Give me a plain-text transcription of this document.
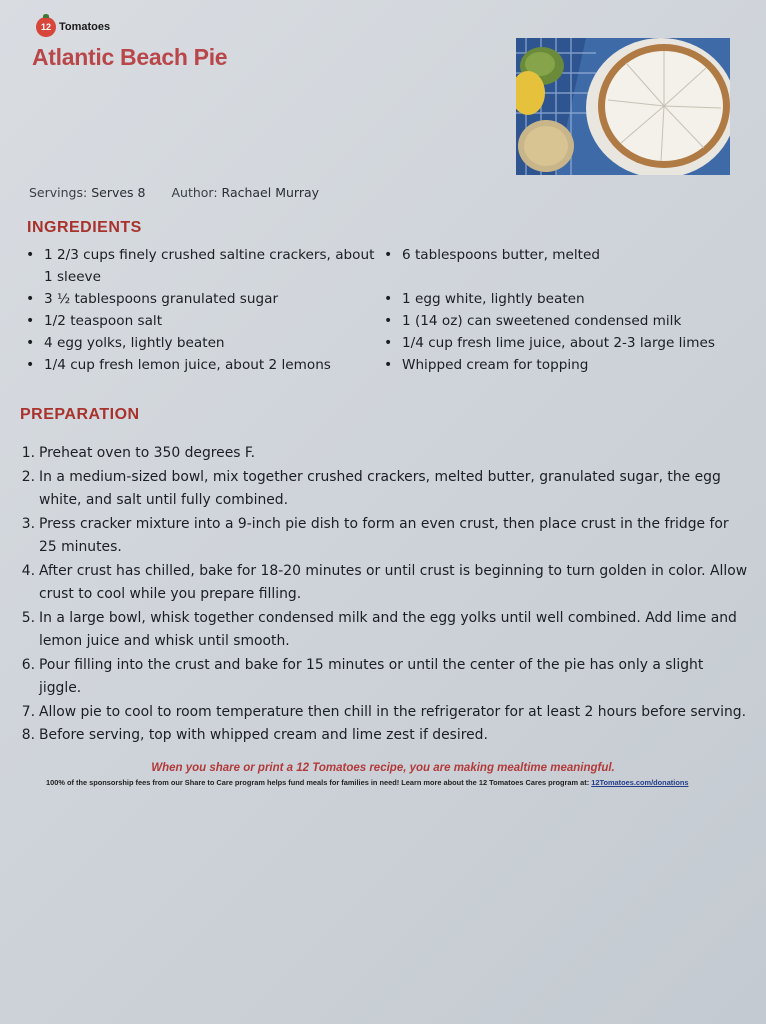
12 Tomatoes
Atlantic Beach Pie
Servings: Serves 8 Author: Rachael Murray
INGREDIENTS
• 1 2/3 cups finely crushed saltine crackers, about 1 sleeve
• 3 ½ tablespoons granulated sugar
• 1/2 teaspoon salt
• 4 egg yolks, lightly beaten
• 1/4 cup fresh lemon juice, about 2 lemons
• 6 tablespoons butter, melted
• 1 egg white, lightly beaten
• 1 (14 oz) can sweetened condensed milk
• 1/4 cup fresh lime juice, about 2-3 large limes
• Whipped cream for topping
PREPARATION
1. Preheat oven to 350 degrees F.
2. In a medium-sized bowl, mix together crushed crackers, melted butter, granulated sugar, the egg white, and salt until fully combined.
3. Press cracker mixture into a 9-inch pie dish to form an even crust, then place crust in the fridge for 25 minutes.
4. After crust has chilled, bake for 18-20 minutes or until crust is beginning to turn golden in color. Allow crust to cool while you prepare filling.
5. In a large bowl, whisk together condensed milk and the egg yolks until well combined. Add lime and lemon juice and whisk until smooth.
6. Pour filling into the crust and bake for 15 minutes or until the center of the pie has only a slight jiggle.
7. Allow pie to cool to room temperature then chill in the refrigerator for at least 2 hours before serving.
8. Before serving, top with whipped cream and lime zest if desired.
When you share or print a 12 Tomatoes recipe, you are making mealtime meaningful.
100% of the sponsorship fees from our Share to Care program helps fund meals for families in need! Learn more about the 12 Tomatoes Cares program at: 12Tomatoes.com/donations
